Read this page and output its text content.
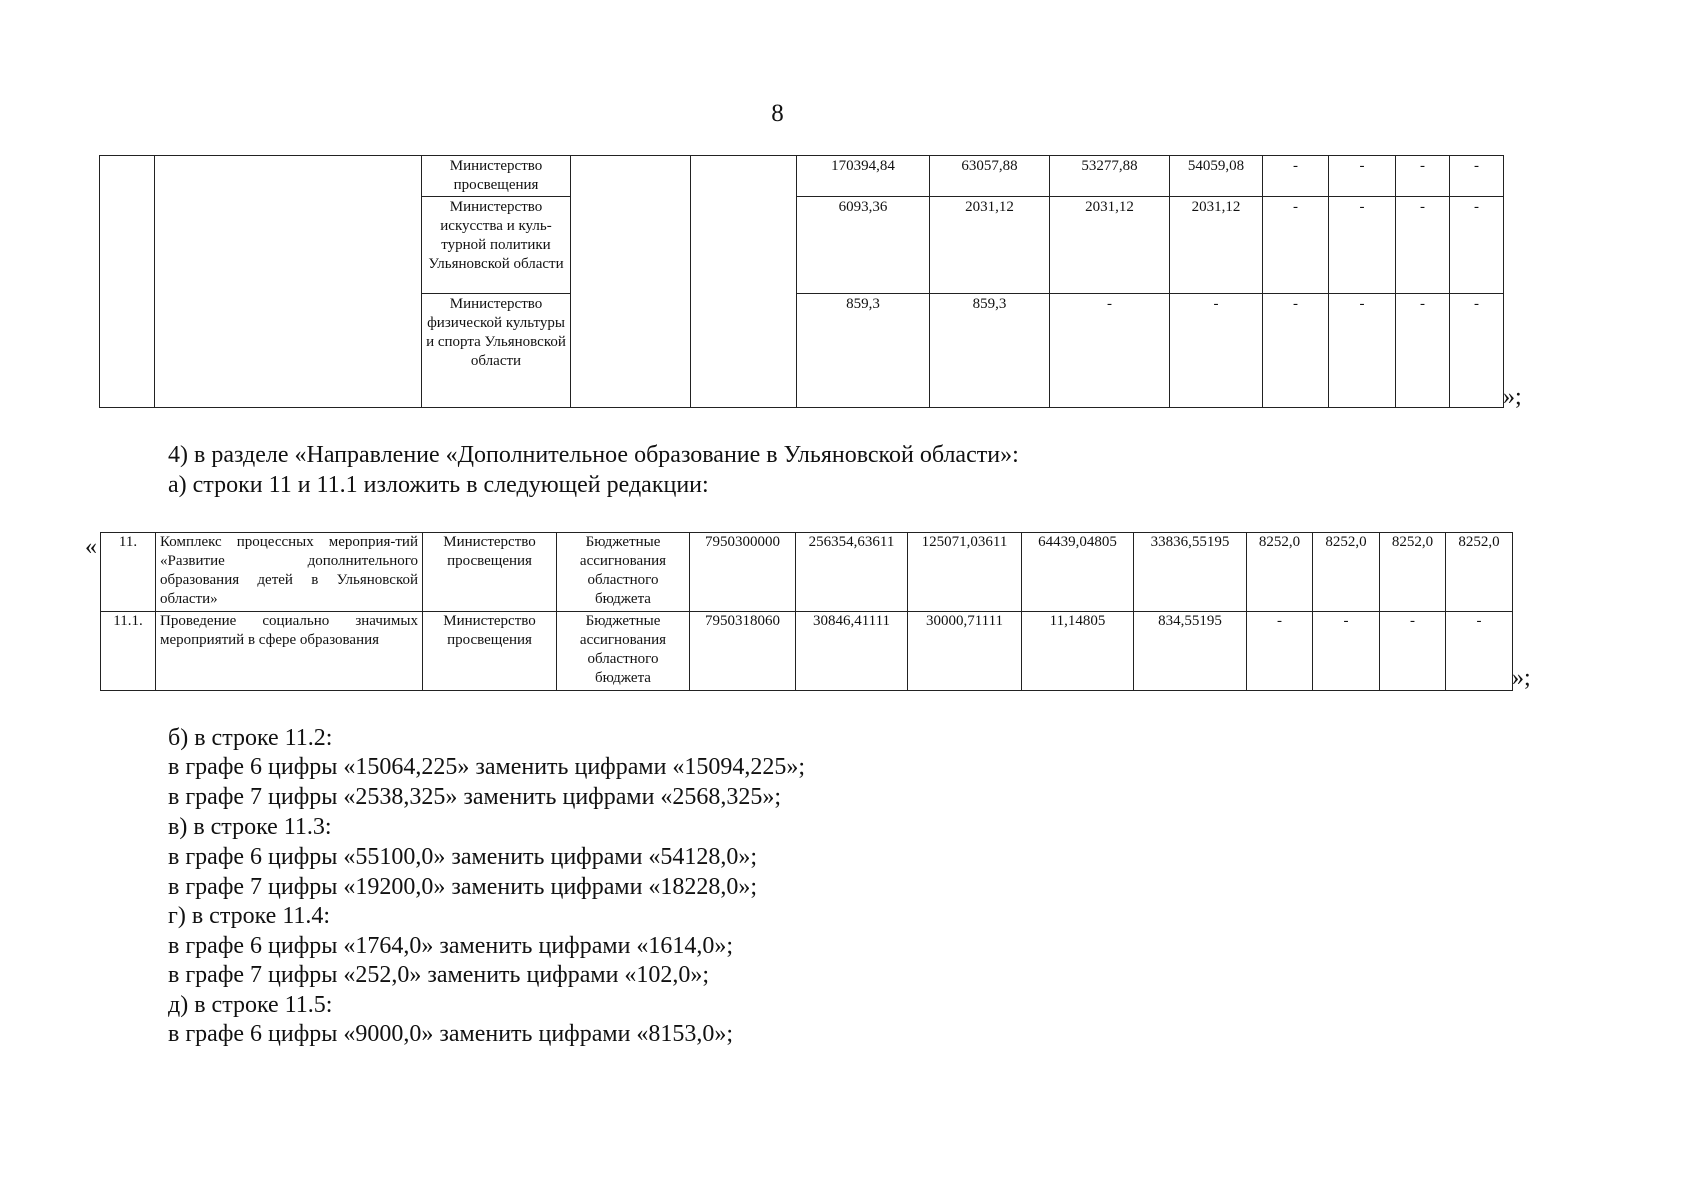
8
		Министерство просвещения			170394,84	63057,88	53277,88	54059,08	-	-	-	-
		Министерство искусства и куль-турной политики Ульяновской области			6093,36	2031,12	2031,12	2031,12	-	-	-	-
		Министерство физической культуры и спорта Ульяновской области			859,3	859,3	-	-	-	-	-	-
»;
4) в разделе «Направление «Дополнительное образование в Ульяновской области»:
а) строки 11 и 11.1 изложить в следующей редакции:
« 11.	Комплекс процессных мероприя-тий «Развитие дополнительного образования детей в Ульяновской области»	Министерство просвещения	Бюджетные ассигнования областного бюджета	7950300000	256354,63611	125071,03611	64439,04805	33836,55195	8252,0	8252,0	8252,0	8252,0
11.1.	Проведение социально значимых мероприятий в сфере образования	Министерство просвещения	Бюджетные ассигнования областного бюджета	7950318060	30846,41111	30000,71111	11,14805	834,55195	-	-	-	-
»;
б) в строке 11.2:
в графе 6 цифры «15064,225» заменить цифрами «15094,225»;
в графе 7 цифры «2538,325» заменить цифрами «2568,325»;
в) в строке 11.3:
в графе 6 цифры «55100,0» заменить цифрами «54128,0»;
в графе 7 цифры «19200,0» заменить цифрами «18228,0»;
г) в строке 11.4:
в графе 6 цифры «1764,0» заменить цифрами «1614,0»;
в графе 7 цифры «252,0» заменить цифрами «102,0»;
д) в строке 11.5:
в графе 6 цифры «9000,0» заменить цифрами «8153,0»;
